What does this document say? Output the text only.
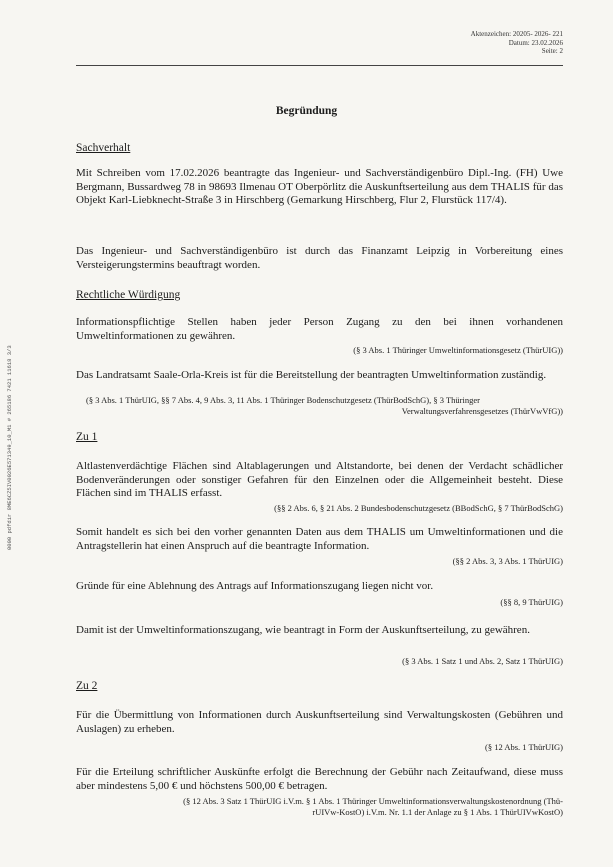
Aktenzeichen: 20205- 2026- 221
Datum: 23.02.2026
Seite: 2
0000 pdfdir 8ME6CZ5IV0026E571349_10_M1 # 265186 7421 11618 3/3
Begründung
Sachverhalt
Mit Schreiben vom 17.02.2026 beantragte das Ingenieur- und Sachverständigenbüro Dipl.-Ing. (FH) Uwe Bergmann, Bussardweg 78 in 98693 Ilmenau OT Oberpörlitz die Auskunftserteilung aus dem THALIS für das Objekt Karl-Liebknecht-Straße 3 in Hirschberg (Gemarkung Hirschberg, Flur 2, Flurstück 117/4).
Das Ingenieur- und Sachverständigenbüro ist durch das Finanzamt Leipzig in Vorbereitung eines Versteigerungstermins beauftragt worden.
Rechtliche Würdigung
Informationspflichtige Stellen haben jeder Person Zugang zu den bei ihnen vorhandenen Umweltinformationen zu gewähren.
(§ 3 Abs. 1 Thüringer Umweltinformationsgesetz (ThürUIG))
Das Landratsamt Saale-Orla-Kreis ist für die Bereitstellung der beantragten Umweltinformation zuständig.
(§ 3 Abs. 1 ThürUIG, §§ 7 Abs. 4, 9 Abs. 3, 11 Abs. 1 Thüringer Bodenschutzgesetz (ThürBodSchG), § 3 Thüringer
Verwaltungsverfahrensgesetzes (ThürVwVfG))
Zu 1
Altlastenverdächtige Flächen sind Altablagerungen und Altstandorte, bei denen der Verdacht schädlicher Bodenveränderungen oder sonstiger Gefahren für den Einzelnen oder die Allgemeinheit besteht. Diese Flächen sind im THALIS erfasst.
(§§ 2 Abs. 6, § 21 Abs. 2 Bundesbodenschutzgesetz (BBodSchG, § 7 ThürBodSchG)
Somit handelt es sich bei den vorher genannten Daten aus dem THALIS um Umweltinformationen und die Antragstellerin hat einen Anspruch auf die beantragte Information.
(§§ 2 Abs. 3, 3 Abs. 1 ThürUIG)
Gründe für eine Ablehnung des Antrags auf Informationszugang liegen nicht vor.
(§§ 8, 9 ThürUIG)
Damit ist der Umweltinformationszugang, wie beantragt in Form der Auskunftserteilung, zu gewähren.
(§ 3 Abs. 1 Satz 1 und Abs. 2, Satz 1 ThürUIG)
Zu 2
Für die Übermittlung von Informationen durch Auskunftserteilung sind Verwaltungskosten (Gebühren und Auslagen) zu erheben.
(§ 12 Abs. 1 ThürUIG)
Für die Erteilung schriftlicher Auskünfte erfolgt die Berechnung der Gebühr nach Zeitaufwand, diese muss aber mindestens 5,00 € und höchstens 500,00 € betragen.
(§ 12 Abs. 3 Satz 1 ThürUIG i.V.m. § 1 Abs. 1 Thüringer Umweltinformationsverwaltungskostenordnung (Thü-
rUIVw-KostO) i.V.m. Nr. 1.1 der Anlage zu § 1 Abs. 1 ThürUIVwKostO)
